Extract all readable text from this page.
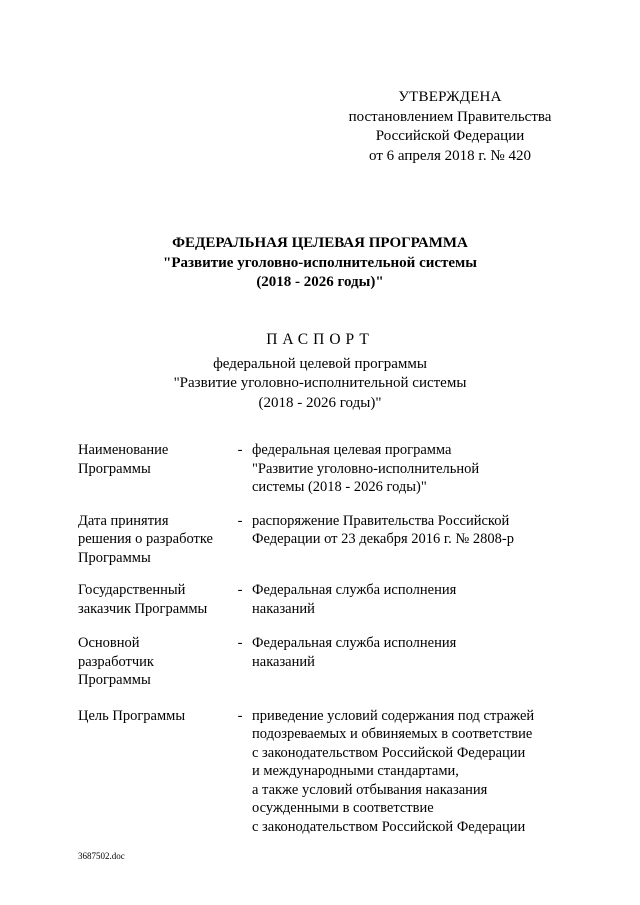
УТВЕРЖДЕНА
постановлением Правительства
Российской Федерации
от 6 апреля 2018 г. № 420
ФЕДЕРАЛЬНАЯ ЦЕЛЕВАЯ ПРОГРАММА
"Развитие уголовно-исполнительной системы
(2018 - 2026 годы)"
ПАСПОРТ
федеральной целевой программы
"Развитие уголовно-исполнительной системы
(2018 - 2026 годы)"
Наименование
Программы
- федеральная целевая программа
"Развитие уголовно-исполнительной
системы (2018 - 2026 годы)"
Дата принятия
решения о разработке
Программы
- распоряжение Правительства Российской
Федерации от 23 декабря 2016 г. № 2808-р
Государственный
заказчик Программы
- Федеральная служба исполнения
наказаний
Основной
разработчик
Программы
- Федеральная служба исполнения
наказаний
Цель Программы	- приведение условий содержания под стражей
подозреваемых и обвиняемых в соответствие
с законодательством Российской Федерации
и международными стандартами,
а также условий отбывания наказания
осужденными в соответствие
с законодательством Российской Федерации
3687502.doc
